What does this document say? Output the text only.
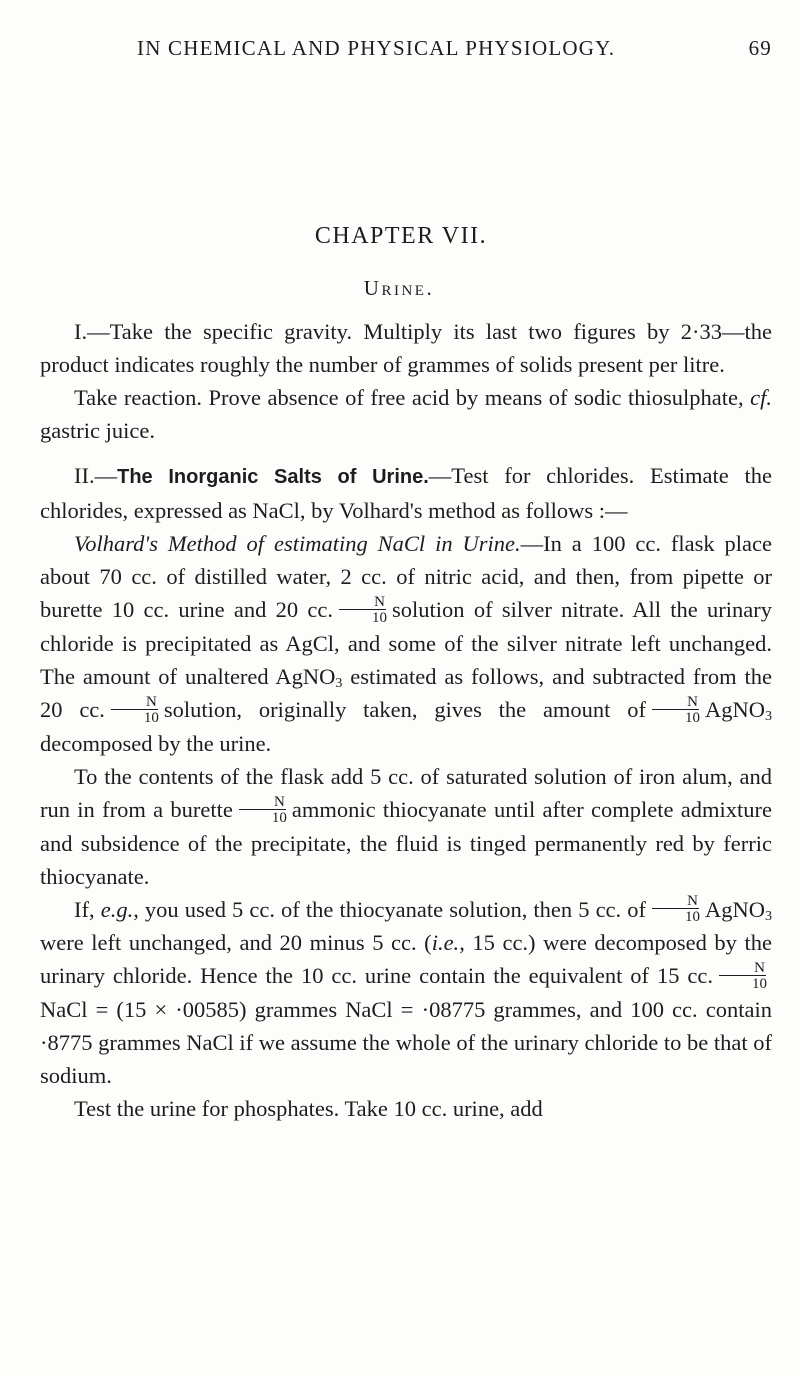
IN CHEMICAL AND PHYSICAL PHYSIOLOGY.	69
CHAPTER VII.
Urine.

I.—Take the specific gravity. Multiply its last two figures by 2·33—the product indicates roughly the number of grammes of solids present per litre.

Take reaction. Prove absence of free acid by means of sodic thiosulphate, cf. gastric juice.

II.—The Inorganic Salts of Urine.—Test for chlorides. Estimate the chlorides, expressed as NaCl, by Volhard's method as follows :—

Volhard's Method of estimating NaCl in Urine.—In a 100 cc. flask place about 70 cc. of distilled water, 2 cc. of nitric acid, and then, from pipette or burette 10 cc. urine and 20 cc. $\frac{N}{10}$ solution of silver nitrate. All the urinary chloride is precipitated as AgCl, and some of the silver nitrate left unchanged. The amount of unaltered AgNO$_3$ estimated as follows, and subtracted from the 20 cc. $\frac{N}{10}$ solution, originally taken, gives the amount of $\frac{N}{10}$ AgNO$_3$ decomposed by the urine.

To the contents of the flask add 5 cc. of saturated solution of iron alum, and run in from a burette $\frac{N}{10}$ ammonic thiocyanate until after complete admixture and subsidence of the precipitate, the fluid is tinged permanently red by ferric thiocyanate.

If, e.g., you used 5 cc. of the thiocyanate solution, then 5 cc. of $\frac{N}{10}$ AgNO$_3$ were left unchanged, and 20 minus 5 cc. (i.e., 15 cc.) were decomposed by the urinary chloride. Hence the 10 cc. urine contain the equivalent of 15 cc. $\frac{N}{10}$
NaCl = (15 × ·00585) grammes NaCl = ·08775 grammes, and 100 cc. contain ·8775 grammes NaCl if we assume the whole of the urinary chloride to be that of sodium.

Test the urine for phosphates. Take 10 cc. urine, add
